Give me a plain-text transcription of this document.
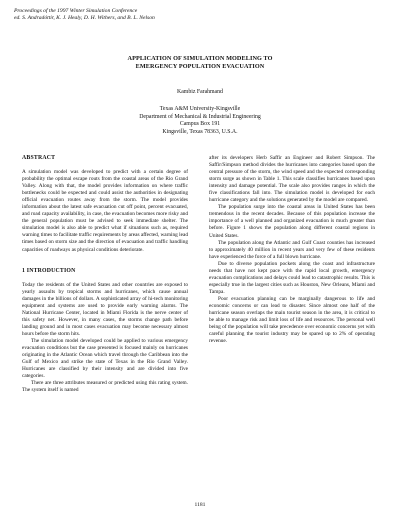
Proceedings of the 1997 Winter Simulation Conference
ed. S. Andradóttir, K. J. Healy, D. H. Withers, and B. L. Nelson
APPLICATION OF SIMULATION MODELING TO
EMERGENCY POPULATION EVACUATION
Kambiz Farahmand
Texas A&M University-Kingsville
Department of Mechanical & Industrial Engineering
Campus Box 191
Kingsville, Texas 78363, U.S.A.
ABSTRACT

A simulation model was developed to predict with a certain degree of probability the optimal escape routs from the coastal areas of the Rio Grand Valley. Along with that, the model provides information on where traffic bottlenecks could be expected and could assist the authorities in designating official evacuation routes away from the storm. The model provides information about the latest safe evacuation cut off point, percent evacuated, and road capacity availability, in case, the evacuation becomes more risky and the general population must be advised to seek immediate shelter. The simulation model is also able to predict what if situations such as, required warning times to facilitate traffic requirements by areas affected, warning lead times based on storm size and the direction of evacuation and traffic handling capacities of roadways as physical conditions deteriorate.

1 INTRODUCTION

Today the residents of the United States and other countries are exposed to yearly assaults by tropical storms and hurricanes, which cause annual damages in the billions of dollars. A sophisticated array of hi-tech monitoring equipment and systems are used to provide early warning alarms. The National Hurricane Center, located in Miami Florida is the nerve center of this safety net. However, in many cases, the storms change path before landing ground and in most cases evacuation may become necessary almost hours before the storm hits.

The simulation model developed could be applied to various emergency evacuation conditions but the case presented is focused mainly on hurricanes originating in the Atlantic Ocean which travel through the Caribbean into the Gulf of Mexico and strike the state of Texas in the Rio Grand Valley. Hurricanes are classified by their intensity and are divided into five categories.

There are three attributes measured or predicted using this rating system. The system itself is named

after its developers Herb Saffir an Engineer and Robert Simpson. The Saffir/Simpson method divides the hurricanes into categories based upon the central pressure of the storm, the wind speed and the expected corresponding storm surge as shown in Table 1. This scale classifies hurricanes based upon intensity and damage potential. The scale also provides ranges in which the five classifications fall into. The simulation model is developed for each hurricane category and the solutions generated by the model are compared.

The population surge into the coastal areas in United States has been tremendous in the recent decades. Because of this population increase the importance of a well planned and organized evacuation is much greater than before. Figure 1 shows the population along different coastal regions in United States.

The population along the Atlantic and Gulf Coast counties has increased to approximately 40 million in recent years and very few of these residents have experienced the force of a full blown hurricane.

Due to diverse population pockets along the coast and infrastructure needs that have not kept pace with the rapid local growth, emergency evacuation complications and delays could lead to catastrophic results. This is especially true in the largest cities such as Houston, New Orleans, Miami and Tampa.

Poor evacuation planning can be marginally dangerous to life and economic concerns or can lead to disaster. Since almost one half of the hurricane season overlaps the main tourist season in the area, it is critical to be able to manage risk and limit loss of life and resources. The personal well being of the population will take precedence over economic concerns yet with careful planning the tourist industry may be spared up to 2% of operating revenue.

1181
